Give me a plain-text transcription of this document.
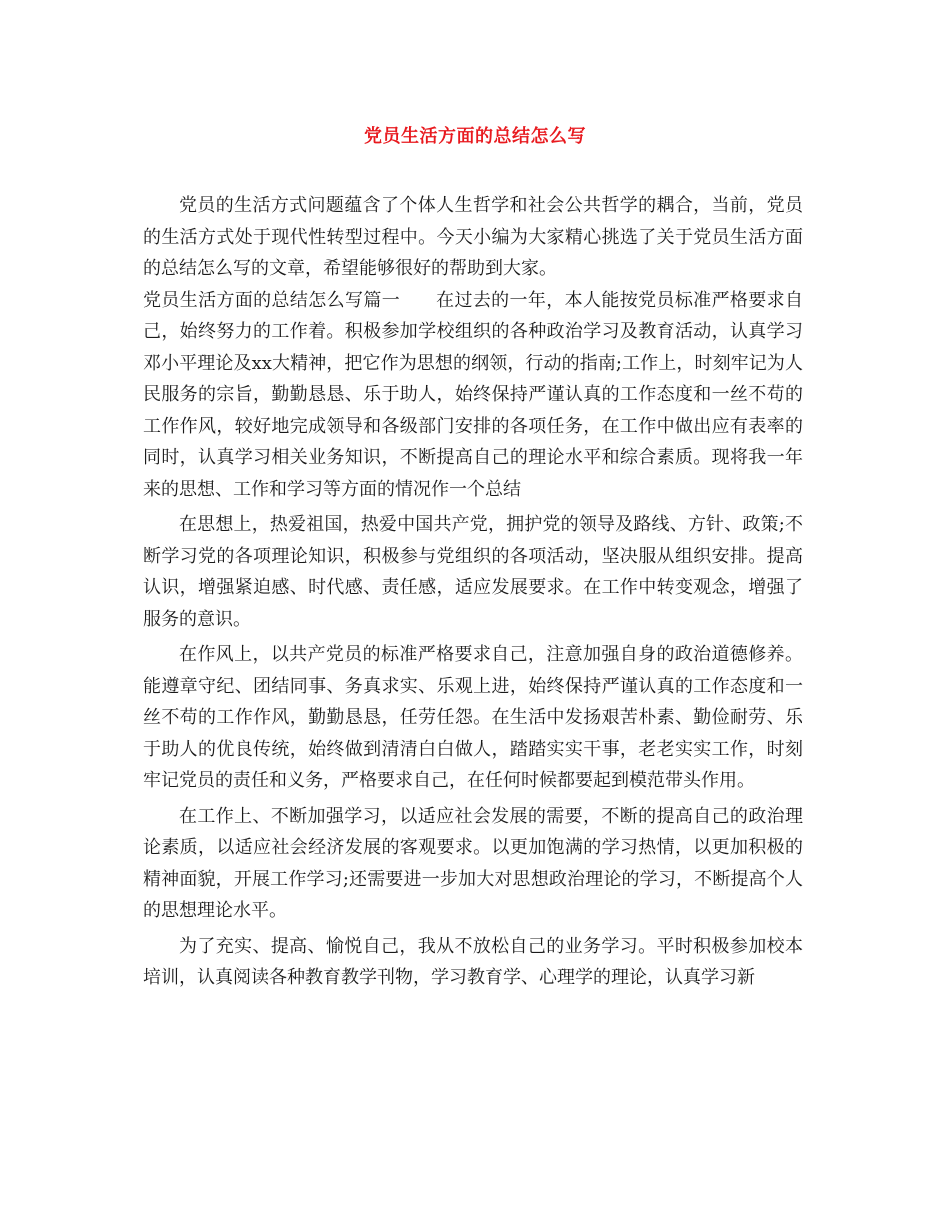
党员生活方面的总结怎么写

党员的生活方式问题蕴含了个体人生哲学和社会公共哲学的耦合，当前，党员的生活方式处于现代性转型过程中。今天小编为大家精心挑选了关于党员生活方面的总结怎么写的文章，希望能够很好的帮助到大家。

党员生活方面的总结怎么写篇一 在过去的一年，本人能按党员标准严格要求自己，始终努力的工作着。积极参加学校组织的各种政治学习及教育活动，认真学习邓小平理论及xx大精神，把它作为思想的纲领，行动的指南;工作上，时刻牢记为人民服务的宗旨，勤勤恳恳、乐于助人，始终保持严谨认真的工作态度和一丝不苟的工作作风，较好地完成领导和各级部门安排的各项任务，在工作中做出应有表率的同时，认真学习相关业务知识，不断提高自己的理论水平和综合素质。现将我一年来的思想、工作和学习等方面的情况作一个总结

在思想上，热爱祖国，热爱中国共产党，拥护党的领导及路线、方针、政策;不断学习党的各项理论知识，积极参与党组织的各项活动，坚决服从组织安排。提高认识，增强紧迫感、时代感、责任感，适应发展要求。在工作中转变观念，增强了服务的意识。

在作风上，以共产党员的标准严格要求自己，注意加强自身的政治道德修养。能遵章守纪、团结同事、务真求实、乐观上进，始终保持严谨认真的工作态度和一丝不苟的工作作风，勤勤恳恳，任劳任怨。在生活中发扬艰苦朴素、勤俭耐劳、乐于助人的优良传统，始终做到清清白白做人，踏踏实实干事，老老实实工作，时刻牢记党员的责任和义务，严格要求自己，在任何时候都要起到模范带头作用。

在工作上、不断加强学习，以适应社会发展的需要，不断的提高自己的政治理论素质，以适应社会经济发展的客观要求。以更加饱满的学习热情，以更加积极的精神面貌，开展工作学习;还需要进一步加大对思想政治理论的学习，不断提高个人的思想理论水平。

为了充实、提高、愉悦自己，我从不放松自己的业务学习。平时积极参加校本培训，认真阅读各种教育教学刊物，学习教育学、心理学的理论，认真学习新
